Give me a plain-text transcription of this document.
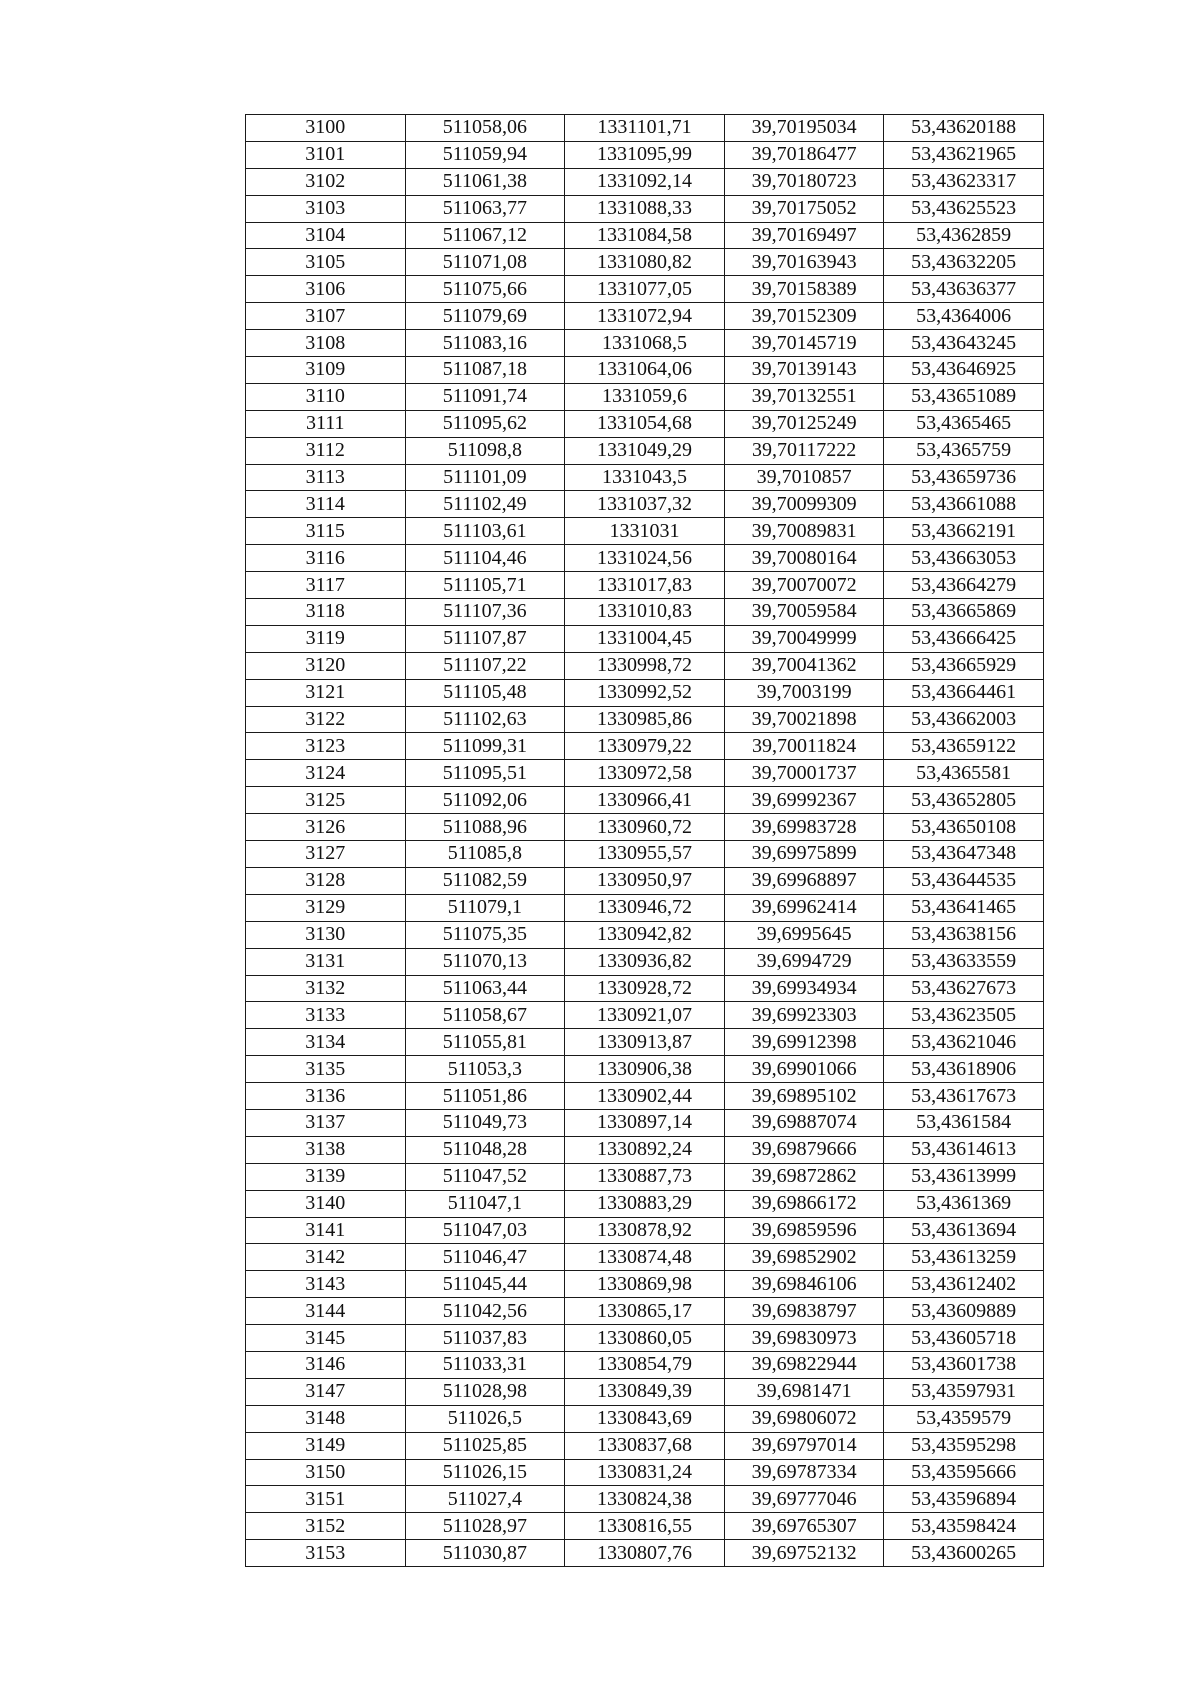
3100	511058,06	1331101,71	39,70195034	53,43620188
3101	511059,94	1331095,99	39,70186477	53,43621965
3102	511061,38	1331092,14	39,70180723	53,43623317
3103	511063,77	1331088,33	39,70175052	53,43625523
3104	511067,12	1331084,58	39,70169497	53,4362859
3105	511071,08	1331080,82	39,70163943	53,43632205
3106	511075,66	1331077,05	39,70158389	53,43636377
3107	511079,69	1331072,94	39,70152309	53,4364006
3108	511083,16	1331068,5	39,70145719	53,43643245
3109	511087,18	1331064,06	39,70139143	53,43646925
3110	511091,74	1331059,6	39,70132551	53,43651089
3111	511095,62	1331054,68	39,70125249	53,4365465
3112	511098,8	1331049,29	39,70117222	53,4365759
3113	511101,09	1331043,5	39,7010857	53,43659736
3114	511102,49	1331037,32	39,70099309	53,43661088
3115	511103,61	1331031	39,70089831	53,43662191
3116	511104,46	1331024,56	39,70080164	53,43663053
3117	511105,71	1331017,83	39,70070072	53,43664279
3118	511107,36	1331010,83	39,70059584	53,43665869
3119	511107,87	1331004,45	39,70049999	53,43666425
3120	511107,22	1330998,72	39,70041362	53,43665929
3121	511105,48	1330992,52	39,7003199	53,43664461
3122	511102,63	1330985,86	39,70021898	53,43662003
3123	511099,31	1330979,22	39,70011824	53,43659122
3124	511095,51	1330972,58	39,70001737	53,4365581
3125	511092,06	1330966,41	39,69992367	53,43652805
3126	511088,96	1330960,72	39,69983728	53,43650108
3127	511085,8	1330955,57	39,69975899	53,43647348
3128	511082,59	1330950,97	39,69968897	53,43644535
3129	511079,1	1330946,72	39,69962414	53,43641465
3130	511075,35	1330942,82	39,6995645	53,43638156
3131	511070,13	1330936,82	39,6994729	53,43633559
3132	511063,44	1330928,72	39,69934934	53,43627673
3133	511058,67	1330921,07	39,69923303	53,43623505
3134	511055,81	1330913,87	39,69912398	53,43621046
3135	511053,3	1330906,38	39,69901066	53,43618906
3136	511051,86	1330902,44	39,69895102	53,43617673
3137	511049,73	1330897,14	39,69887074	53,4361584
3138	511048,28	1330892,24	39,69879666	53,43614613
3139	511047,52	1330887,73	39,69872862	53,43613999
3140	511047,1	1330883,29	39,69866172	53,4361369
3141	511047,03	1330878,92	39,69859596	53,43613694
3142	511046,47	1330874,48	39,69852902	53,43613259
3143	511045,44	1330869,98	39,69846106	53,43612402
3144	511042,56	1330865,17	39,69838797	53,43609889
3145	511037,83	1330860,05	39,69830973	53,43605718
3146	511033,31	1330854,79	39,69822944	53,43601738
3147	511028,98	1330849,39	39,6981471	53,43597931
3148	511026,5	1330843,69	39,69806072	53,4359579
3149	511025,85	1330837,68	39,69797014	53,43595298
3150	511026,15	1330831,24	39,69787334	53,43595666
3151	511027,4	1330824,38	39,69777046	53,43596894
3152	511028,97	1330816,55	39,69765307	53,43598424
3153	511030,87	1330807,76	39,69752132	53,43600265
